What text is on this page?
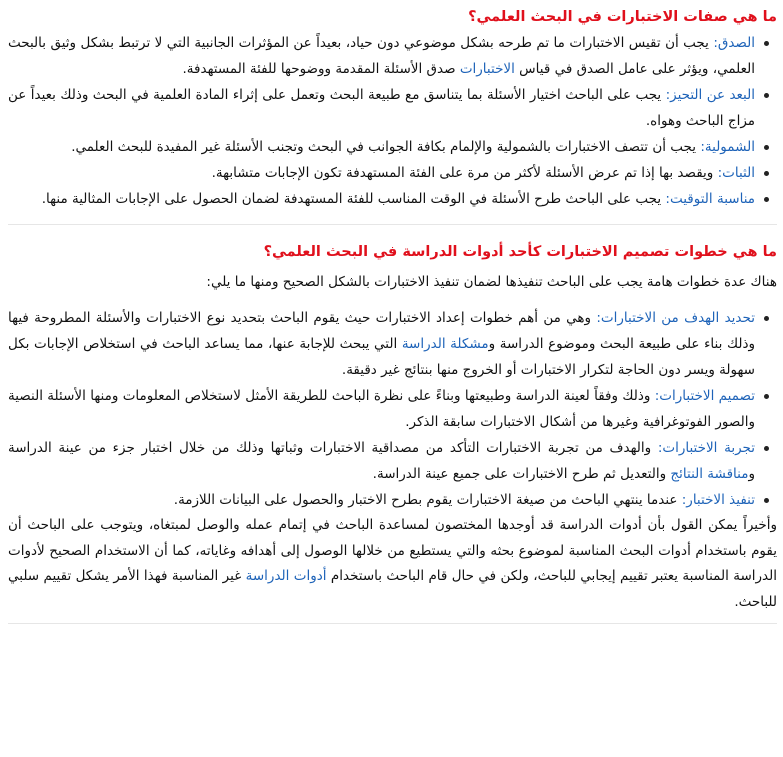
ما هي صفات الاختبارات في البحث العلمي؟
الصدق: يجب أن تقيس الاختبارات ما تم طرحه بشكل موضوعي دون حياد، بعيداً عن المؤثرات الجانبية التي لا ترتبط بشكل وثيق بالبحث العلمي، ويؤثر على عامل الصدق في قياس الاختبارات صدق الأسئلة المقدمة ووضوحها للفئة المستهدفة.
البعد عن التحيز: يجب على الباحث اختيار الأسئلة بما يتناسق مع طبيعة البحث وتعمل على إثراء المادة العلمية في البحث وذلك بعيداً عن مزاج الباحث وهواه.
الشمولية: يجب أن تتصف الاختبارات بالشمولية والإلمام بكافة الجوانب في البحث وتجنب الأسئلة غير المفيدة للبحث العلمي.
الثبات: ويقصد بها إذا تم عرض الأسئلة لأكثر من مرة على الفئة المستهدفة تكون الإجابات متشابهة.
مناسبة التوقيت: يجب على الباحث طرح الأسئلة في الوقت المناسب للفئة المستهدفة لضمان الحصول على الإجابات المثالية منها.
ما هي خطوات تصميم الاختبارات كأحد أدوات الدراسة في البحث العلمي؟

هناك عدة خطوات هامة يجب على الباحث تنفيذها لضمان تنفيذ الاختبارات بالشكل الصحيح ومنها ما يلي:

تحديد الهدف من الاختبارات: وهي من أهم خطوات إعداد الاختبارات حيث يقوم الباحث بتحديد نوع الاختبارات والأسئلة المطروحة فيها وذلك بناء على طبيعة البحث وموضوع الدراسة ومشكلة الدراسة التي يبحث للإجابة عنها، مما يساعد الباحث في استخلاص الإجابات بكل سهولة ويسر دون الحاجة لتكرار الاختبارات أو الخروج منها بنتائج غير دقيقة.
تصميم الاختبارات: وذلك وفقاً لعينة الدراسة وطبيعتها وبناءً على نظرة الباحث للطريقة الأمثل لاستخلاص المعلومات ومنها الأسئلة النصية والصور الفوتوغرافية وغيرها من أشكال الاختبارات سابقة الذكر.
تجربة الاختبارات: والهدف من تجربة الاختبارات التأكد من مصداقية الاختبارات وثباتها وذلك من خلال اختبار جزء من عينة الدراسة ومناقشة النتائج والتعديل ثم طرح الاختبارات على جميع عينة الدراسة.
تنفيذ الاختبار: عندما ينتهي الباحث من صيغة الاختبارات يقوم بطرح الاختبار والحصول على البيانات اللازمة.

وأخيراً يمكن القول بأن أدوات الدراسة قد أوجدها المختصون لمساعدة الباحث في إتمام عمله والوصل لمبتغاه، ويتوجب على الباحث أن يقوم باستخدام أدوات البحث المناسبة لموضوع بحثه والتي يستطيع من خلالها الوصول إلى أهدافه وغاياته، كما أن الاستخدام الصحيح لأدوات الدراسة المناسبة يعتبر تقييم إيجابي للباحث، ولكن في حال قام الباحث باستخدام أدوات الدراسة غير المناسبة فهذا الأمر يشكل تقييم سلبي للباحث.
